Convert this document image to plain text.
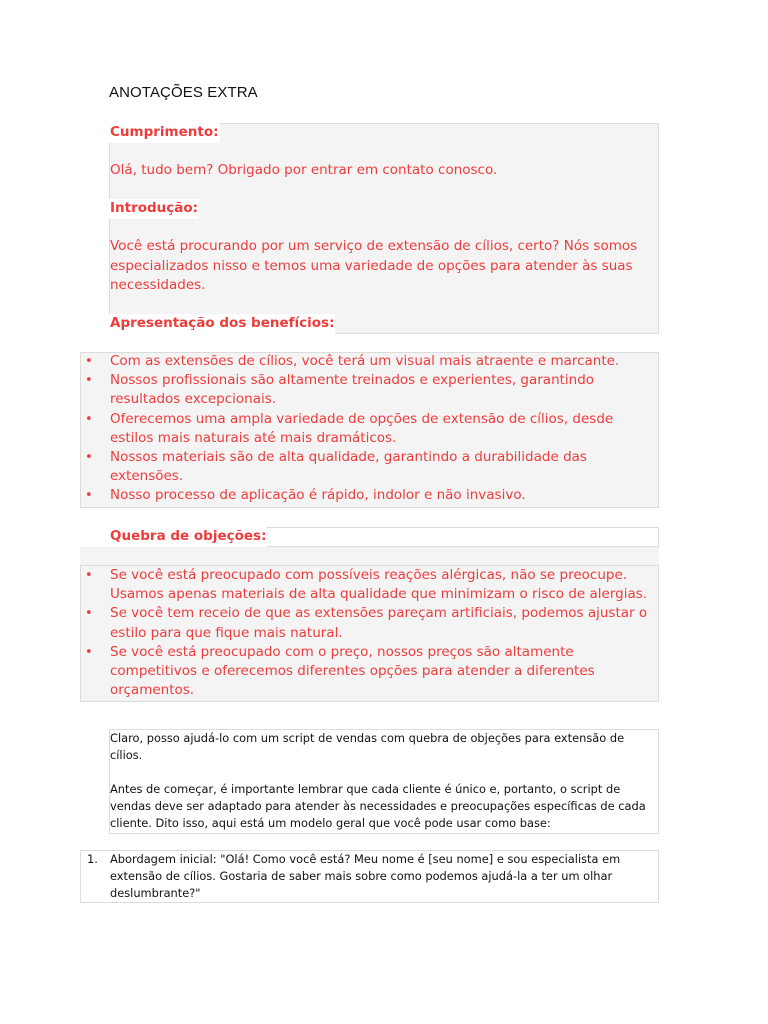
ANOTAÇÕES EXTRA
Cumprimento:
Olá, tudo bem? Obrigado por entrar em contato conosco.
Introdução:
Você está procurando por um serviço de extensão de cílios, certo? Nós somos especializados nisso e temos uma variedade de opções para atender às suas necessidades.
Apresentação dos benefícios:
• Com as extensões de cílios, você terá um visual mais atraente e marcante.
• Nossos profissionais são altamente treinados e experientes, garantindo resultados excepcionais.
• Oferecemos uma ampla variedade de opções de extensão de cílios, desde estilos mais naturais até mais dramáticos.
• Nossos materiais são de alta qualidade, garantindo a durabilidade das extensões.
• Nosso processo de aplicação é rápido, indolor e não invasivo.
Quebra de objeções:
• Se você está preocupado com possíveis reações alérgicas, não se preocupe. Usamos apenas materiais de alta qualidade que minimizam o risco de alergias.
• Se você tem receio de que as extensões pareçam artificiais, podemos ajustar o estilo para que fique mais natural.
• Se você está preocupado com o preço, nossos preços são altamente competitivos e oferecemos diferentes opções para atender a diferentes orçamentos.
Claro, posso ajudá-lo com um script de vendas com quebra de objeções para extensão de cílios.
Antes de começar, é importante lembrar que cada cliente é único e, portanto, o script de vendas deve ser adaptado para atender às necessidades e preocupações específicas de cada cliente. Dito isso, aqui está um modelo geral que você pode usar como base:
1. Abordagem inicial: "Olá! Como você está? Meu nome é [seu nome] e sou especialista em extensão de cílios. Gostaria de saber mais sobre como podemos ajudá-la a ter um olhar deslumbrante?"
